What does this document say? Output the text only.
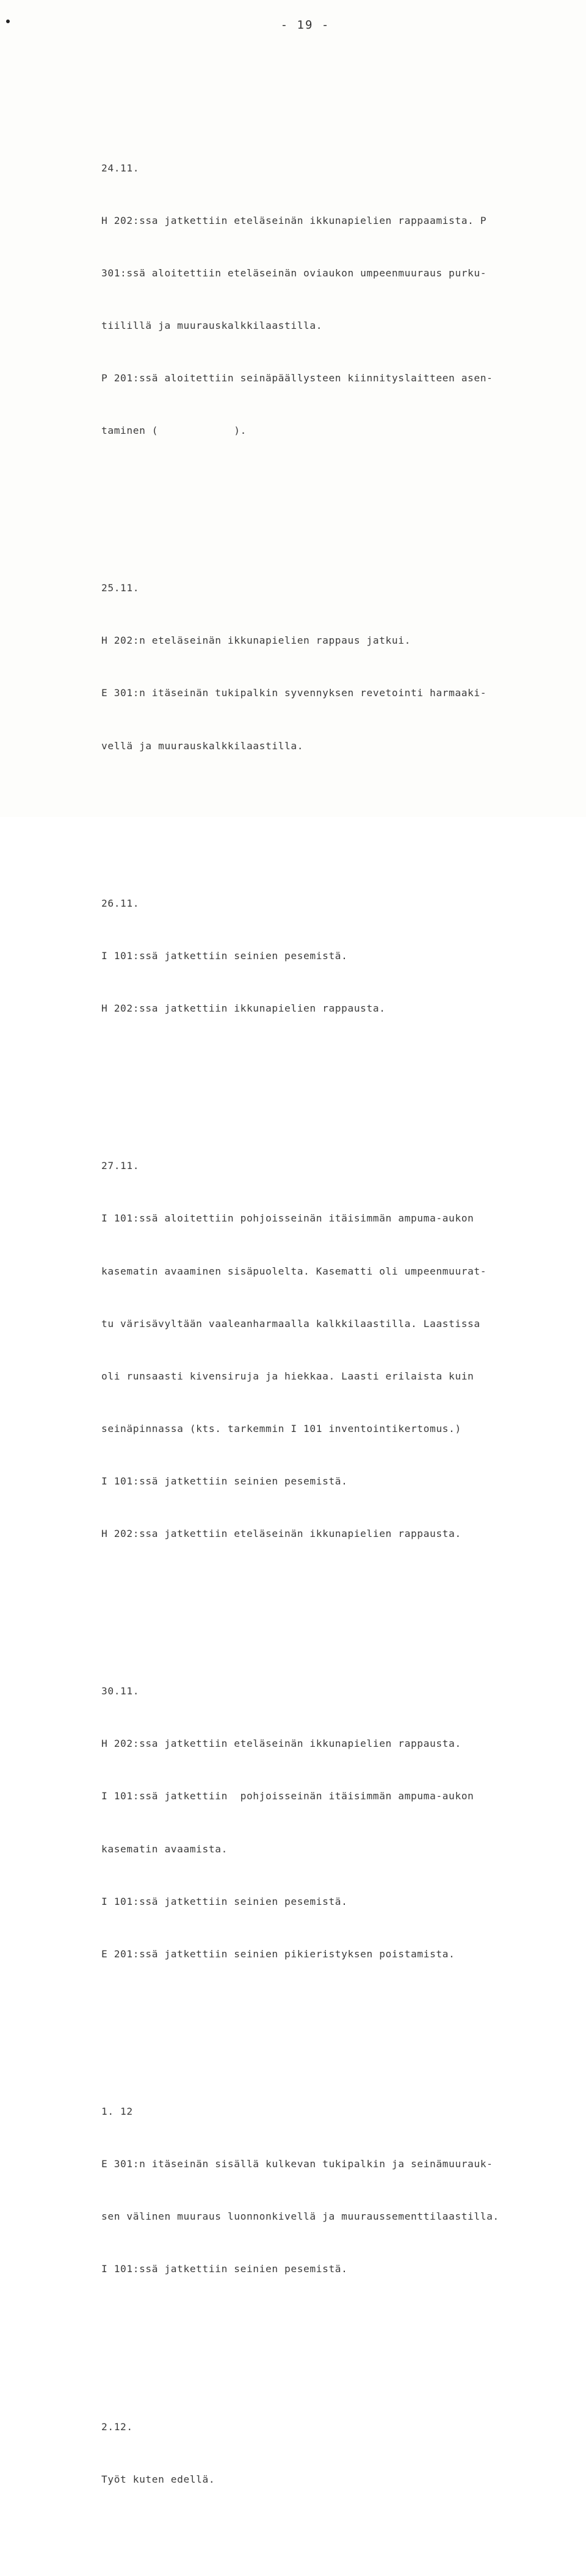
- 19 -

24.11.

H 202:ssa jatkettiin eteläseinän ikkunapielien rappaamista. P

301:ssä aloitettiin eteläseinän oviaukon umpeenmuuraus purku-

tiilillä ja muurauskalkkilaastilla.

P 201:ssä aloitettiin seinäpäällysteen kiinnityslaitteen asen-

taminen (            ).

25.11.

H 202:n eteläseinän ikkunapielien rappaus jatkui.

E 301:n itäseinän tukipalkin syvennyksen revetointi harmaaki-

vellä ja muurauskalkkilaastilla.

26.11.

I 101:ssä jatkettiin seinien pesemistä.

H 202:ssa jatkettiin ikkunapielien rappausta.

27.11.

I 101:ssä aloitettiin pohjoisseinän itäisimmän ampuma-aukon

kasematin avaaminen sisäpuolelta. Kasematti oli umpeenmuurat-

tu värisävyltään vaaleanharmaalla kalkkilaastilla. Laastissa

oli runsaasti kivensiruja ja hiekkaa. Laasti erilaista kuin

seinäpinnassa (kts. tarkemmin I 101 inventointikertomus.)

I 101:ssä jatkettiin seinien pesemistä.

H 202:ssa jatkettiin eteläseinän ikkunapielien rappausta.

30.11.

H 202:ssa jatkettiin eteläseinän ikkunapielien rappausta.

I 101:ssä jatkettiin  pohjoisseinän itäisimmän ampuma-aukon

kasematin avaamista.

I 101:ssä jatkettiin seinien pesemistä.

E 201:ssä jatkettiin seinien pikieristyksen poistamista.

1. 12

E 301:n itäseinän sisällä kulkevan tukipalkin ja seinämuurauk-

sen välinen muuraus luonnonkivellä ja muuraussementtilaastilla.

I 101:ssä jatkettiin seinien pesemistä.

2.12.

Työt kuten edellä.
